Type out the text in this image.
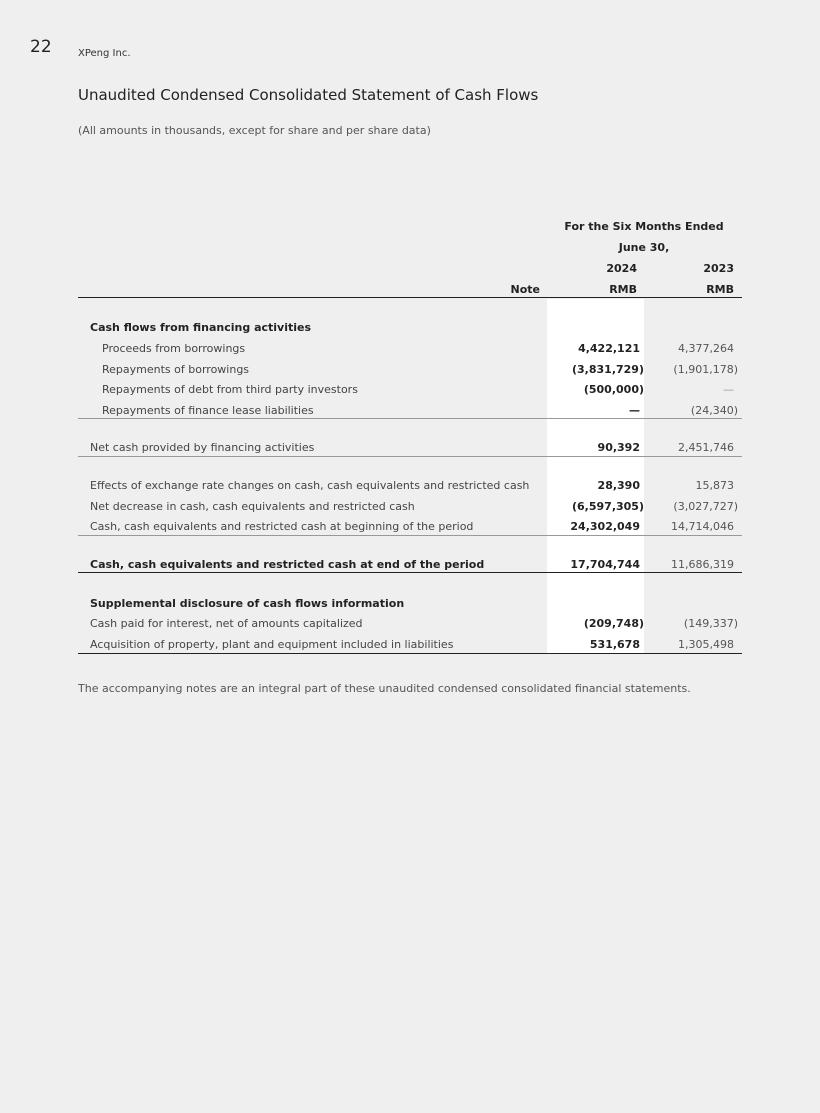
22	XPeng Inc.
Unaudited Condensed Consolidated Statement of Cash Flows
(All amounts in thousands, except for share and per share data)
For the Six Months Ended
June 30,
2024	2023
Note	RMB	RMB
Cash flows from financing activities
Proceeds from borrowings	4,422,121	4,377,264
Repayments of borrowings	(3,831,729)	(1,901,178)
Repayments of debt from third party investors	(500,000)	—
Repayments of finance lease liabilities	—	(24,340)
Net cash provided by financing activities	90,392	2,451,746
Effects of exchange rate changes on cash, cash equivalents and restricted cash	28,390	15,873
Net decrease in cash, cash equivalents and restricted cash	(6,597,305)	(3,027,727)
Cash, cash equivalents and restricted cash at beginning of the period	24,302,049	14,714,046
Cash, cash equivalents and restricted cash at end of the period	17,704,744	11,686,319
Supplemental disclosure of cash flows information
Cash paid for interest, net of amounts capitalized	(209,748)	(149,337)
Acquisition of property, plant and equipment included in liabilities	531,678	1,305,498
The accompanying notes are an integral part of these unaudited condensed consolidated financial statements.
